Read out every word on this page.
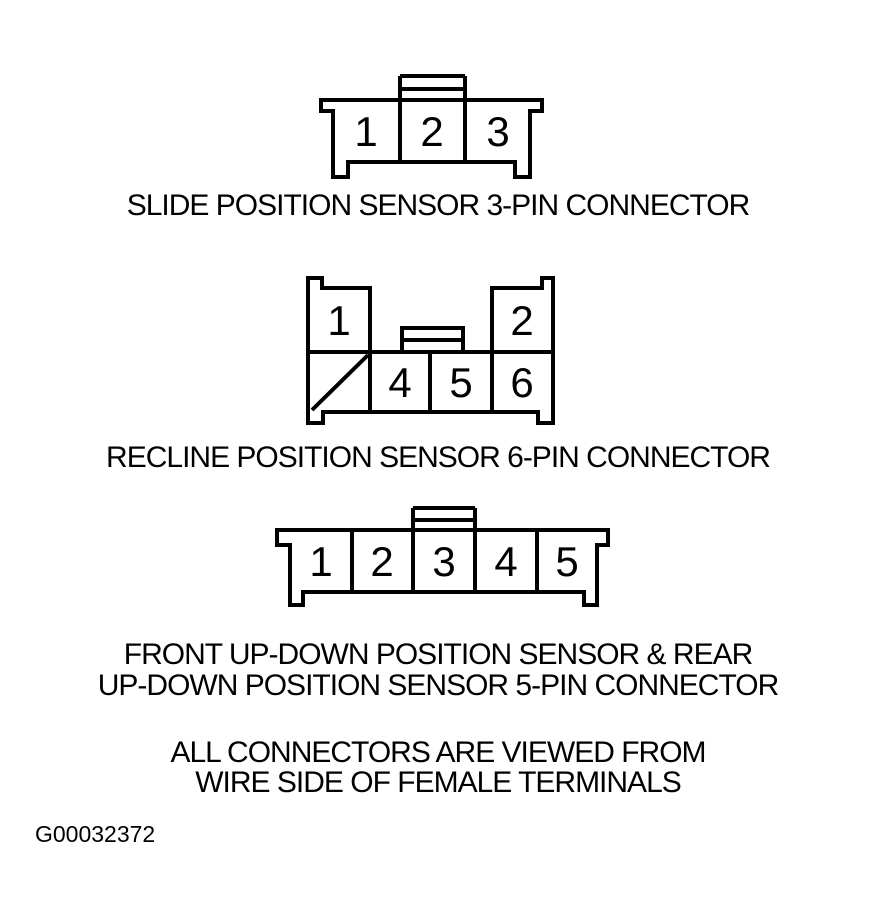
1 2 3
1	2
4 5 6
1 2 3 4 5
SLIDE POSITION SENSOR 3-PIN CONNECTOR
RECLINE POSITION SENSOR 6-PIN CONNECTOR
FRONT UP-DOWN POSITION SENSOR & REAR
UP-DOWN POSITION SENSOR 5-PIN CONNECTOR
ALL CONNECTORS ARE VIEWED FROM
WIRE SIDE OF FEMALE TERMINALS
G00032372
